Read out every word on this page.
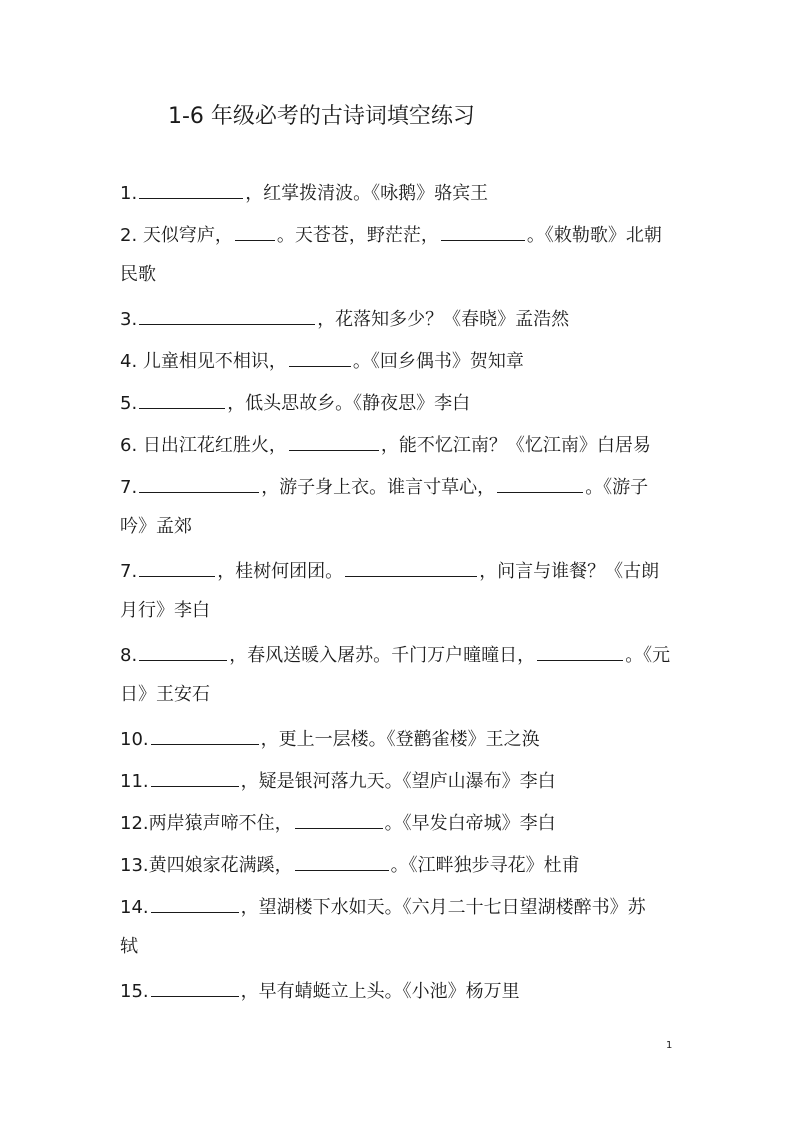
1-6 年级必考的古诗词填空练习
1.	，红掌拨清波。《咏鹅》骆宾王
2. 天似穹庐， 。天苍苍，野茫茫，	。《敕勒歌》北朝
民歌
3.	，花落知多少？《春晓》孟浩然
4. 儿童相见不相识，	。《回乡偶书》贺知章
5.	，低头思故乡。《静夜思》李白
6. 日出江花红胜火，	，能不忆江南？《忆江南》白居易
7.	，游子身上衣。谁言寸草心，	。《游子
吟》孟郊
7.	，桂树何团团。	，问言与谁餐？《古朗
月行》李白
8.	，春风送暖入屠苏。千门万户曈曈日，	。《元
日》王安石
10.	，更上一层楼。《登鹳雀楼》王之涣
11.	，疑是银河落九天。《望庐山瀑布》李白
12.两岸猿声啼不住，	。《早发白帝城》李白
13.黄四娘家花满蹊，	。《江畔独步寻花》杜甫
14.	，望湖楼下水如天。《六月二十七日望湖楼醉书》苏
轼
15.	，早有蜻蜓立上头。《小池》杨万里
1
